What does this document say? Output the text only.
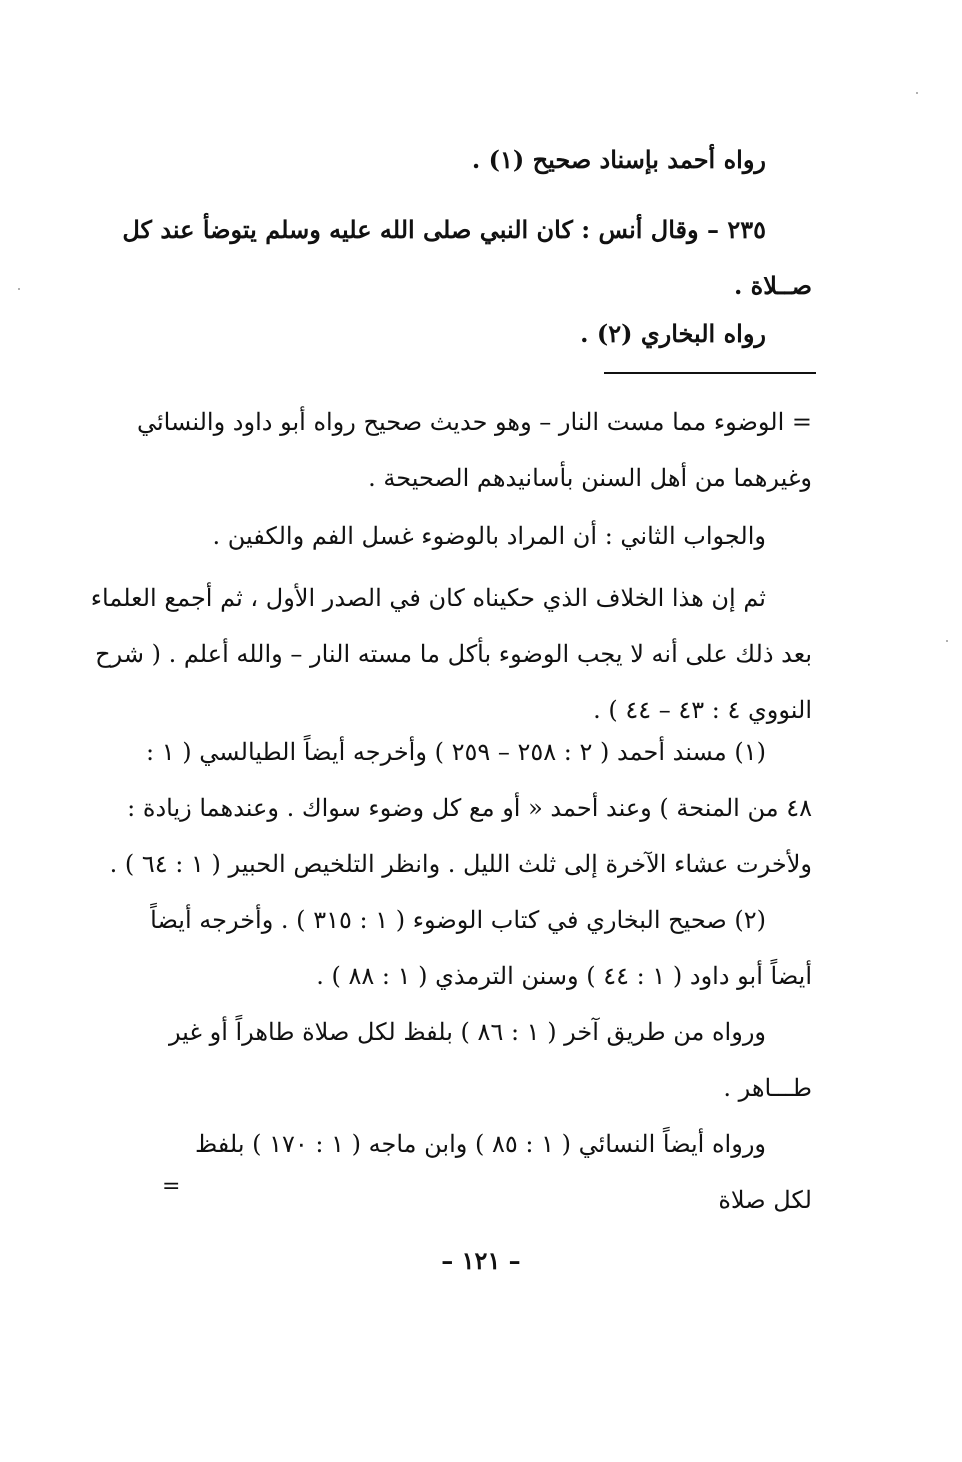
رواه أحمد بإسناد صحيح (١) .
٢٣٥ – وقال أنس : كان النبي صلى الله عليه وسلم يتوضأ عند كل
صــلاة .
رواه البخاري (٢) .
= الوضوء مما مست النار – وهو حديث صحيح رواه أبو داود والنسائي
وغيرهما من أهل السنن بأسانيدهم الصحيحة .
والجواب الثاني : أن المراد بالوضوء غسل الفم والكفين .
ثم إن هذا الخلاف الذي حكيناه كان في الصدر الأول ، ثم أجمع العلماء
بعد ذلك على أنه لا يجب الوضوء بأكل ما مسته النار – والله أعلم . ( شرح
النووي ٤ : ٤٣ – ٤٤ ) .
(١) مسند أحمد ( ٢ : ٢٥٨ – ٢٥٩ ) وأخرجه أيضاً الطيالسي ( ١ :
٤٨ من المنحة ) وعند أحمد « أو مع كل وضوء سواك . وعندهما زيادة :
ولأخرت عشاء الآخرة إلى ثلث الليل . وانظر التلخيص الحبير ( ١ : ٦٤ ) .
(٢) صحيح البخاري في كتاب الوضوء ( ١ : ٣١٥ ) . وأخرجه أيضاً
أيضاً أبو داود ( ١ : ٤٤ ) وسنن الترمذي ( ١ : ٨٨ ) .
ورواه من طريق آخر ( ١ : ٨٦ ) بلفظ لكل صلاة طاهراً أو غير
طـــاهر .
ورواه أيضاً النسائي ( ١ : ٨٥ ) وابن ماجه ( ١ : ١٧٠ ) بلفظ
لكل صلاة
=
– ١٢١ –
